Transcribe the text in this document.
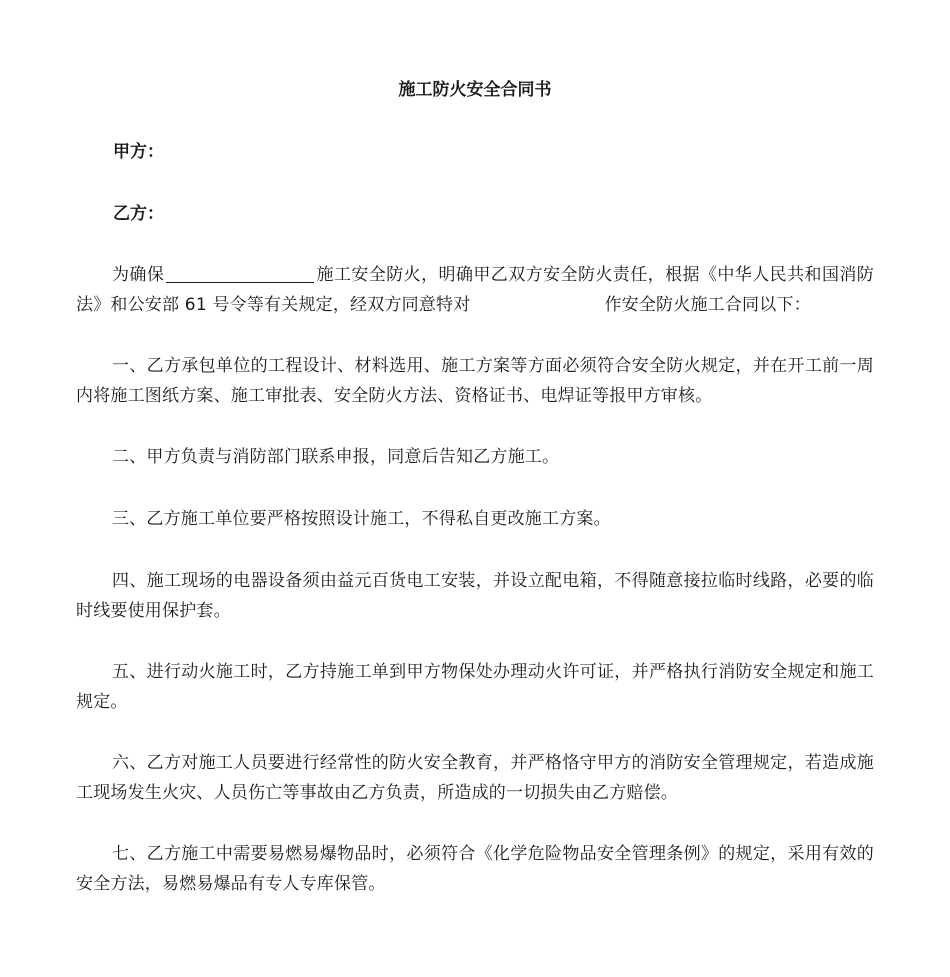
施工防火安全合同书

甲方：

乙方：

为确保	施工安全防火，明确甲乙双方安全防火责任，根据《中华人民共和国消防法》和公安部 61 号令等有关规定，经双方同意特对	作安全防火施工合同以下：

一、乙方承包单位的工程设计、材料选用、施工方案等方面必须符合安全防火规定，并在开工前一周内将施工图纸方案、施工审批表、安全防火方法、资格证书、电焊证等报甲方审核。

二、甲方负责与消防部门联系申报，同意后告知乙方施工。

三、乙方施工单位要严格按照设计施工，不得私自更改施工方案。

四、施工现场的电器设备须由益元百货电工安装，并设立配电箱，不得随意接拉临时线路，必要的临时线要使用保护套。

五、进行动火施工时，乙方持施工单到甲方物保处办理动火许可证，并严格执行消防安全规定和施工规定。

六、乙方对施工人员要进行经常性的防火安全教育，并严格恪守甲方的消防安全管理规定，若造成施工现场发生火灾、人员伤亡等事故由乙方负责，所造成的一切损失由乙方赔偿。

七、乙方施工中需要易燃易爆物品时，必须符合《化学危险物品安全管理条例》的规定，采用有效的安全方法，易燃易爆品有专人专库保管。
